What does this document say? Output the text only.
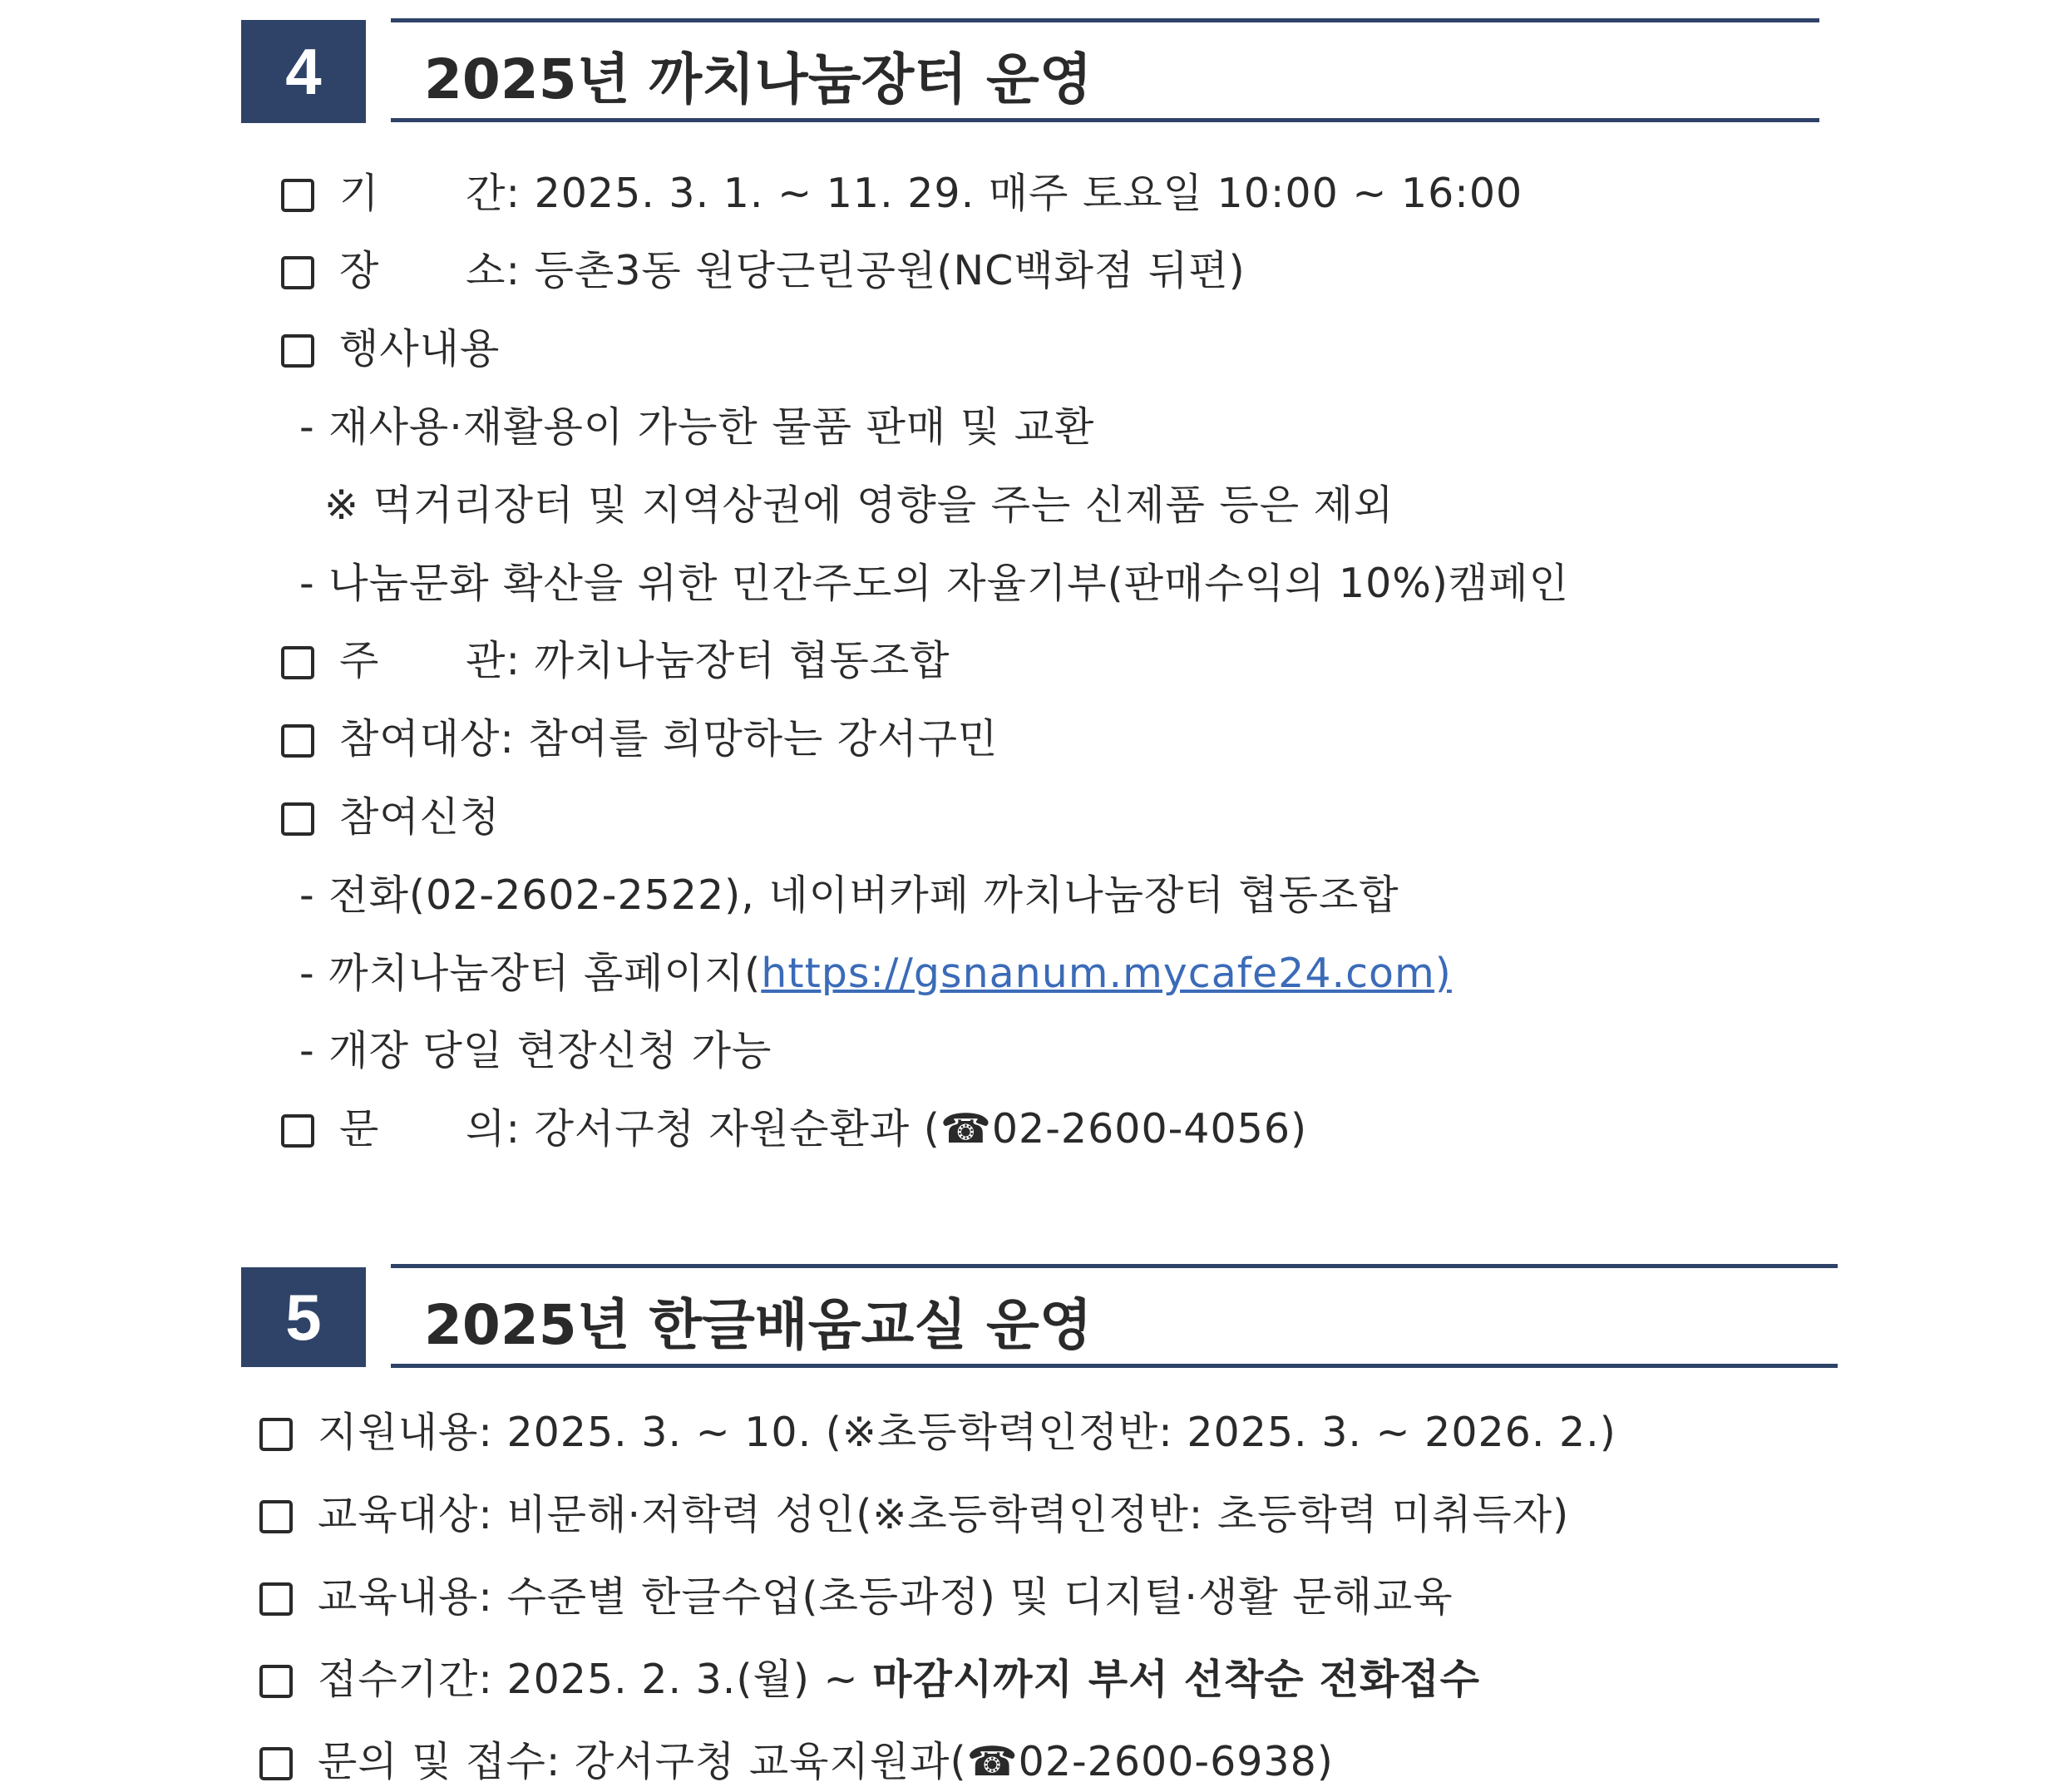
4	2025년 까치나눔장터 운영
기 간: 2025. 3. 1. ~ 11. 29. 매주 토요일 10:00 ~ 16:00
장 소: 등촌3동 원당근린공원(NC백화점 뒤편)
행사내용
- 재사용·재활용이 가능한 물품 판매 및 교환
※ 먹거리장터 및 지역상권에 영향을 주는 신제품 등은 제외
- 나눔문화 확산을 위한 민간주도의 자율기부(판매수익의 10%)캠페인
주 관: 까치나눔장터 협동조합
참여대상: 참여를 희망하는 강서구민
참여신청
- 전화(02-2602-2522), 네이버카페 까치나눔장터 협동조합
- 까치나눔장터 홈페이지(https://gsnanum.mycafe24.com)
- 개장 당일 현장신청 가능
문 의: 강서구청 자원순환과 (☎02-2600-4056)
5	2025년 한글배움교실 운영
지원내용: 2025. 3. ~ 10. (※초등학력인정반: 2025. 3. ~ 2026. 2.)
교육대상: 비문해·저학력 성인(※초등학력인정반: 초등학력 미취득자)
교육내용: 수준별 한글수업(초등과정) 및 디지털·생활 문해교육
접수기간: 2025. 2. 3.(월) ~ 마감시까지 부서 선착순 전화접수
문의 및 접수: 강서구청 교육지원과(☎02-2600-6938)
